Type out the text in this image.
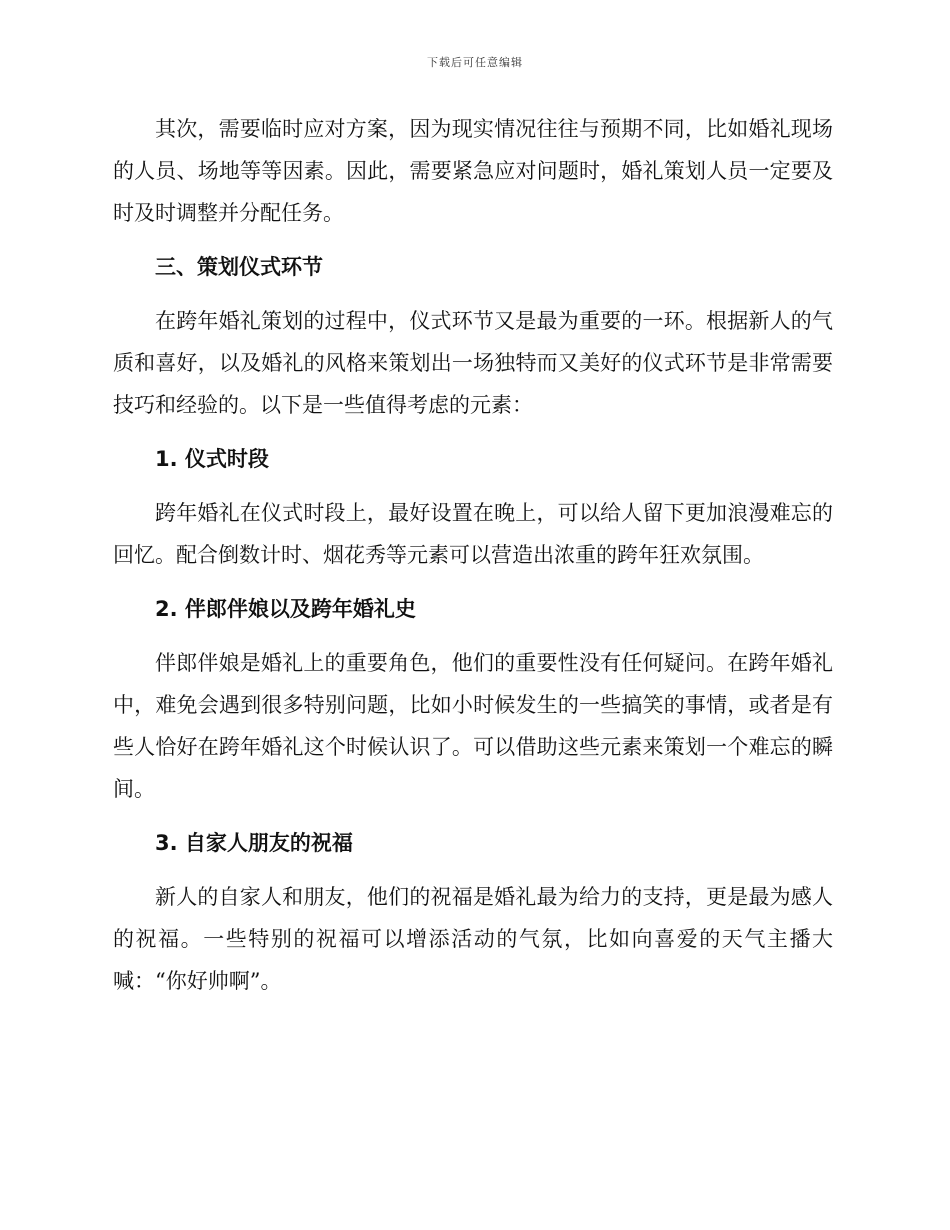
下载后可任意编辑

其次，需要临时应对方案，因为现实情况往往与预期不同，比如婚礼现场的人员、场地等等因素。因此，需要紧急应对问题时，婚礼策划人员一定要及时及时调整并分配任务。

三、策划仪式环节

在跨年婚礼策划的过程中，仪式环节又是最为重要的一环。根据新人的气质和喜好，以及婚礼的风格来策划出一场独特而又美好的仪式环节是非常需要技巧和经验的。以下是一些值得考虑的元素：

1. 仪式时段

跨年婚礼在仪式时段上，最好设置在晚上，可以给人留下更加浪漫难忘的回忆。配合倒数计时、烟花秀等元素可以营造出浓重的跨年狂欢氛围。

2. 伴郎伴娘以及跨年婚礼史

伴郎伴娘是婚礼上的重要角色，他们的重要性没有任何疑问。在跨年婚礼中，难免会遇到很多特别问题，比如小时候发生的一些搞笑的事情，或者是有些人恰好在跨年婚礼这个时候认识了。可以借助这些元素来策划一个难忘的瞬间。

3. 自家人朋友的祝福

新人的自家人和朋友，他们的祝福是婚礼最为给力的支持，更是最为感人的祝福。一些特别的祝福可以增添活动的气氛，比如向喜爱的天气主播大喊：“你好帅啊”。
